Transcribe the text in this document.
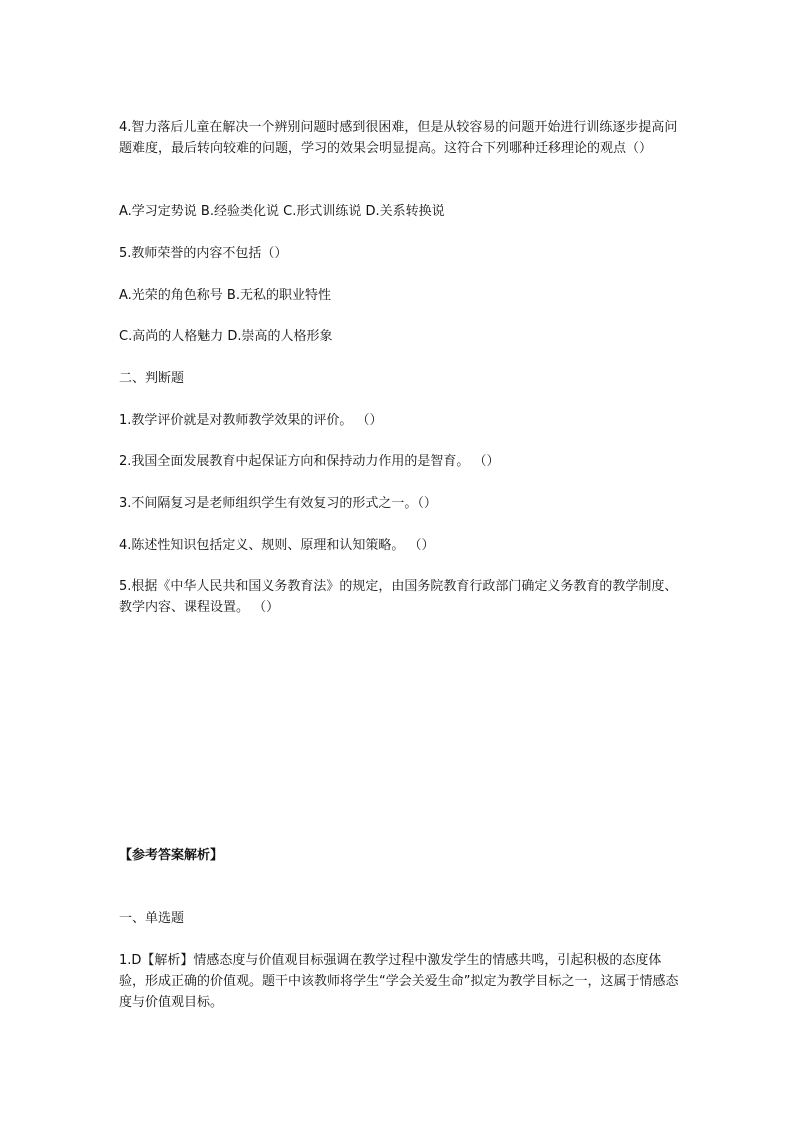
4.智力落后儿童在解决一个辨别问题时感到很困难，但是从较容易的问题开始进行训练逐步提高问题难度，最后转向较难的问题，学习的效果会明显提高。这符合下列哪种迁移理论的观点（）

A.学习定势说 B.经验类化说 C.形式训练说 D.关系转换说

5.教师荣誉的内容不包括（）

A.光荣的角色称号 B.无私的职业特性

C.高尚的人格魅力 D.崇高的人格形象

二、判断题

1.教学评价就是对教师教学效果的评价。 （）

2.我国全面发展教育中起保证方向和保持动力作用的是智育。 （）

3.不间隔复习是老师组织学生有效复习的形式之一。（）

4.陈述性知识包括定义、规则、原理和认知策略。 （）

5.根据《中华人民共和国义务教育法》的规定，由国务院教育行政部门确定义务教育的教学制度、教学内容、课程设置。 （）

【参考答案解析】

一、单选题

1.D【解析】情感态度与价值观目标强调在教学过程中激发学生的情感共鸣，引起积极的态度体验，形成正确的价值观。题干中该教师将学生“学会关爱生命”拟定为教学目标之一，这属于情感态度与价值观目标。
